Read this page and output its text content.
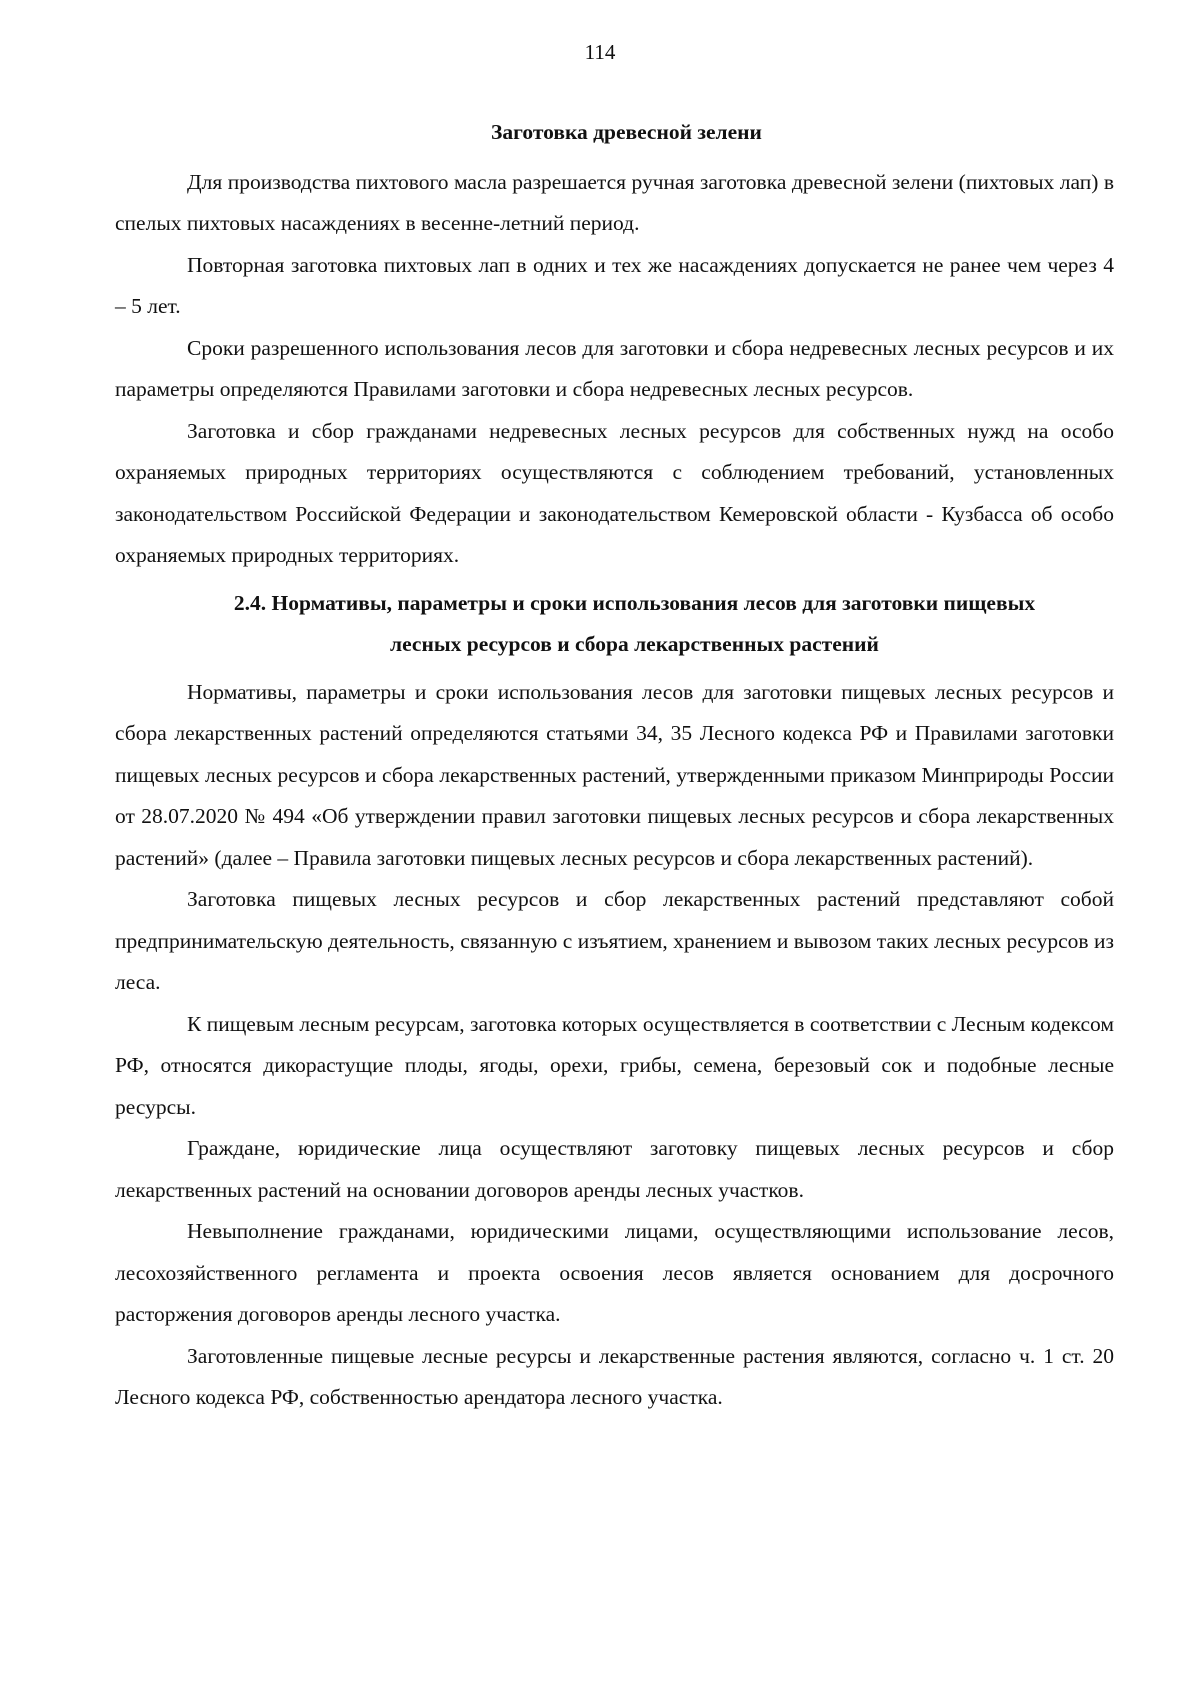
114

Заготовка древесной зелени

Для производства пихтового масла разрешается ручная заготовка древесной зелени (пихтовых лап) в спелых пихтовых насаждениях в весенне-летний период.

Повторная заготовка пихтовых лап в одних и тех же насаждениях допускается не ранее чем через 4 – 5 лет.

Сроки разрешенного использования лесов для заготовки и сбора недревесных лесных ресурсов и их параметры определяются Правилами заготовки и сбора недревесных лесных ресурсов.

Заготовка и сбор гражданами недревесных лесных ресурсов для собственных нужд на особо охраняемых природных территориях осуществляются с соблюдением требований, установленных законодательством Российской Федерации и законодательством Кемеровской области - Кузбасса об особо охраняемых природных территориях.

2.4. Нормативы, параметры и сроки использования лесов для заготовки пищевых
лесных ресурсов и сбора лекарственных растений

Нормативы, параметры и сроки использования лесов для заготовки пищевых лесных ресурсов и сбора лекарственных растений определяются статьями 34, 35 Лесного кодекса РФ и Правилами заготовки пищевых лесных ресурсов и сбора лекарственных растений, утвержденными приказом Минприроды России от 28.07.2020 № 494 «Об утверждении правил заготовки пищевых лесных ресурсов и сбора лекарственных растений» (далее – Правила заготовки пищевых лесных ресурсов и сбора лекарственных растений).

Заготовка пищевых лесных ресурсов и сбор лекарственных растений представляют собой предпринимательскую деятельность, связанную с изъятием, хранением и вывозом таких лесных ресурсов из леса.

К пищевым лесным ресурсам, заготовка которых осуществляется в соответствии с Лесным кодексом РФ, относятся дикорастущие плоды, ягоды, орехи, грибы, семена, березовый сок и подобные лесные ресурсы.

Граждане, юридические лица осуществляют заготовку пищевых лесных ресурсов и сбор лекарственных растений на основании договоров аренды лесных участков.

Невыполнение гражданами, юридическими лицами, осуществляющими использование лесов, лесохозяйственного регламента и проекта освоения лесов является основанием для досрочного расторжения договоров аренды лесного участка.

Заготовленные пищевые лесные ресурсы и лекарственные растения являются, согласно ч. 1 ст. 20 Лесного кодекса РФ, собственностью арендатора лесного участка.
